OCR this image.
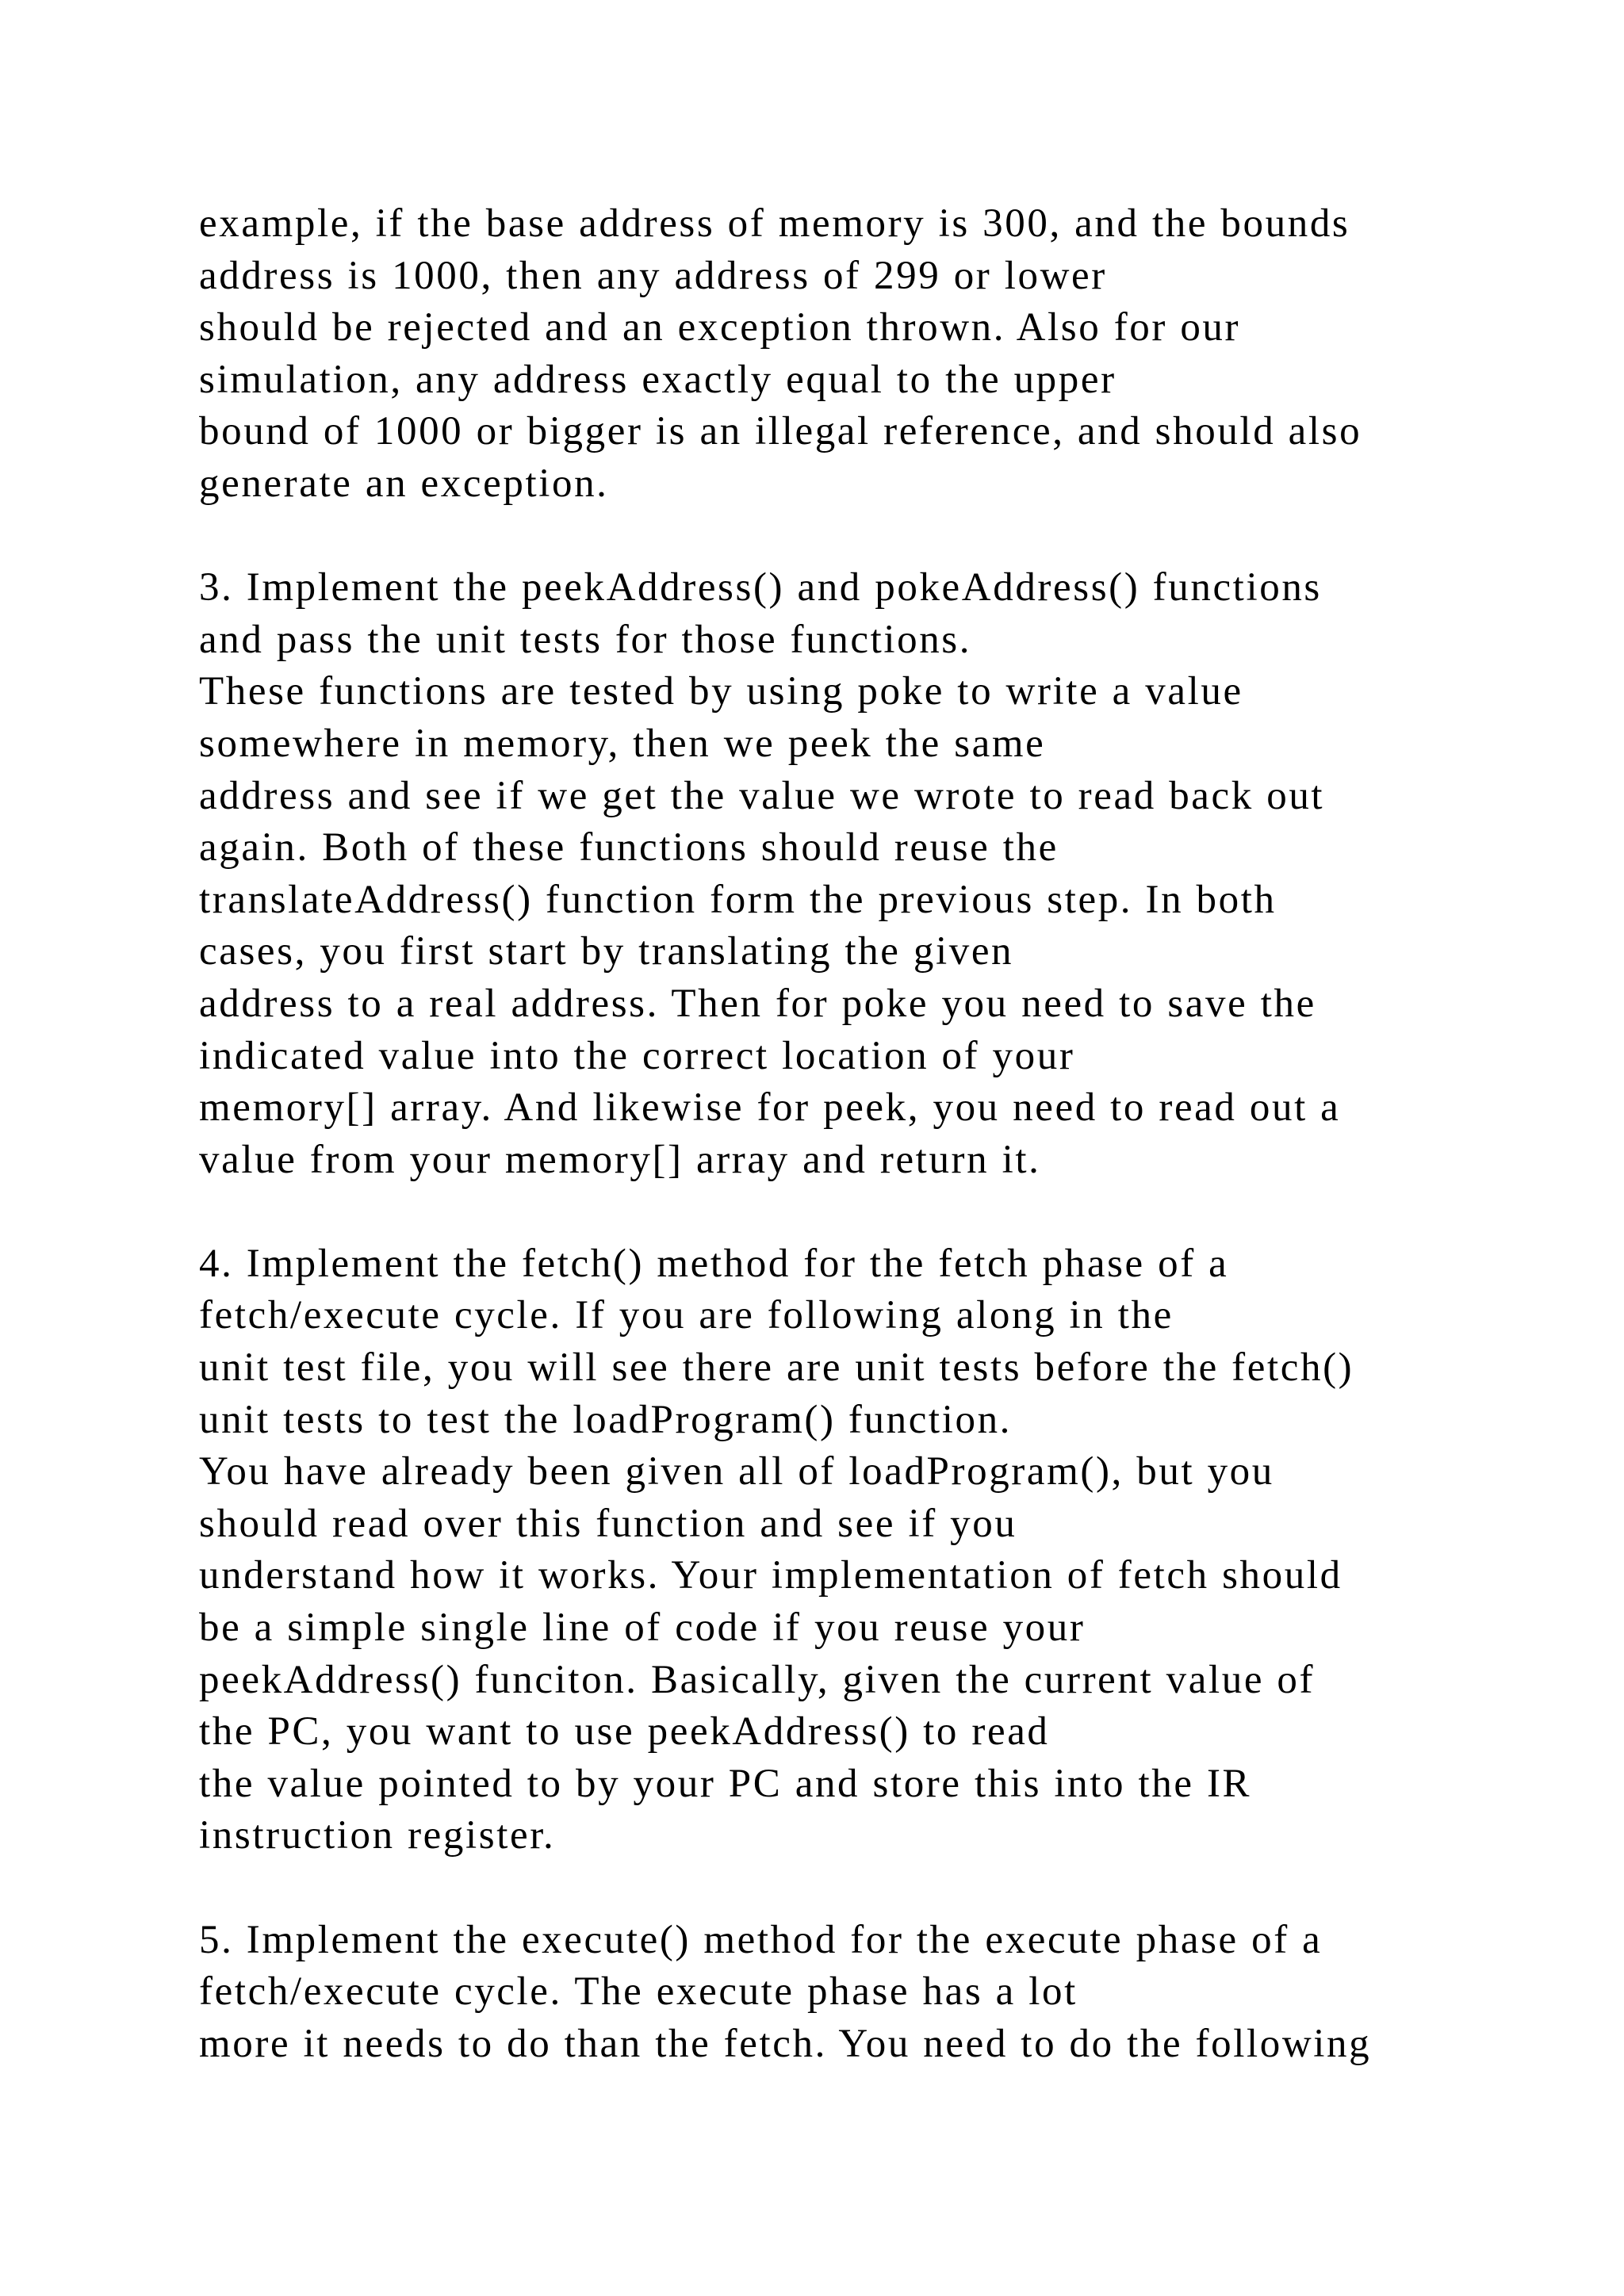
example, if the base address of memory is 300, and the bounds
address is 1000, then any address of 299 or lower
should be rejected and an exception thrown. Also for our
simulation, any address exactly equal to the upper
bound of 1000 or bigger is an illegal reference, and should also
generate an exception.
3. Implement the peekAddress() and pokeAddress() functions
and pass the unit tests for those functions.
These functions are tested by using poke to write a value
somewhere in memory, then we peek the same
address and see if we get the value we wrote to read back out
again. Both of these functions should reuse the
translateAddress() function form the previous step. In both
cases, you first start by translating the given
address to a real address. Then for poke you need to save the
indicated value into the correct location of your
memory[] array. And likewise for peek, you need to read out a
value from your memory[] array and return it.
4. Implement the fetch() method for the fetch phase of a
fetch/execute cycle. If you are following along in the
unit test file, you will see there are unit tests before the fetch()
unit tests to test the loadProgram() function.
You have already been given all of loadProgram(), but you
should read over this function and see if you
understand how it works. Your implementation of fetch should
be a simple single line of code if you reuse your
peekAddress() funciton. Basically, given the current value of
the PC, you want to use peekAddress() to read
the value pointed to by your PC and store this into the IR
instruction register.
5. Implement the execute() method for the execute phase of a
fetch/execute cycle. The execute phase has a lot
more it needs to do than the fetch. You need to do the following
